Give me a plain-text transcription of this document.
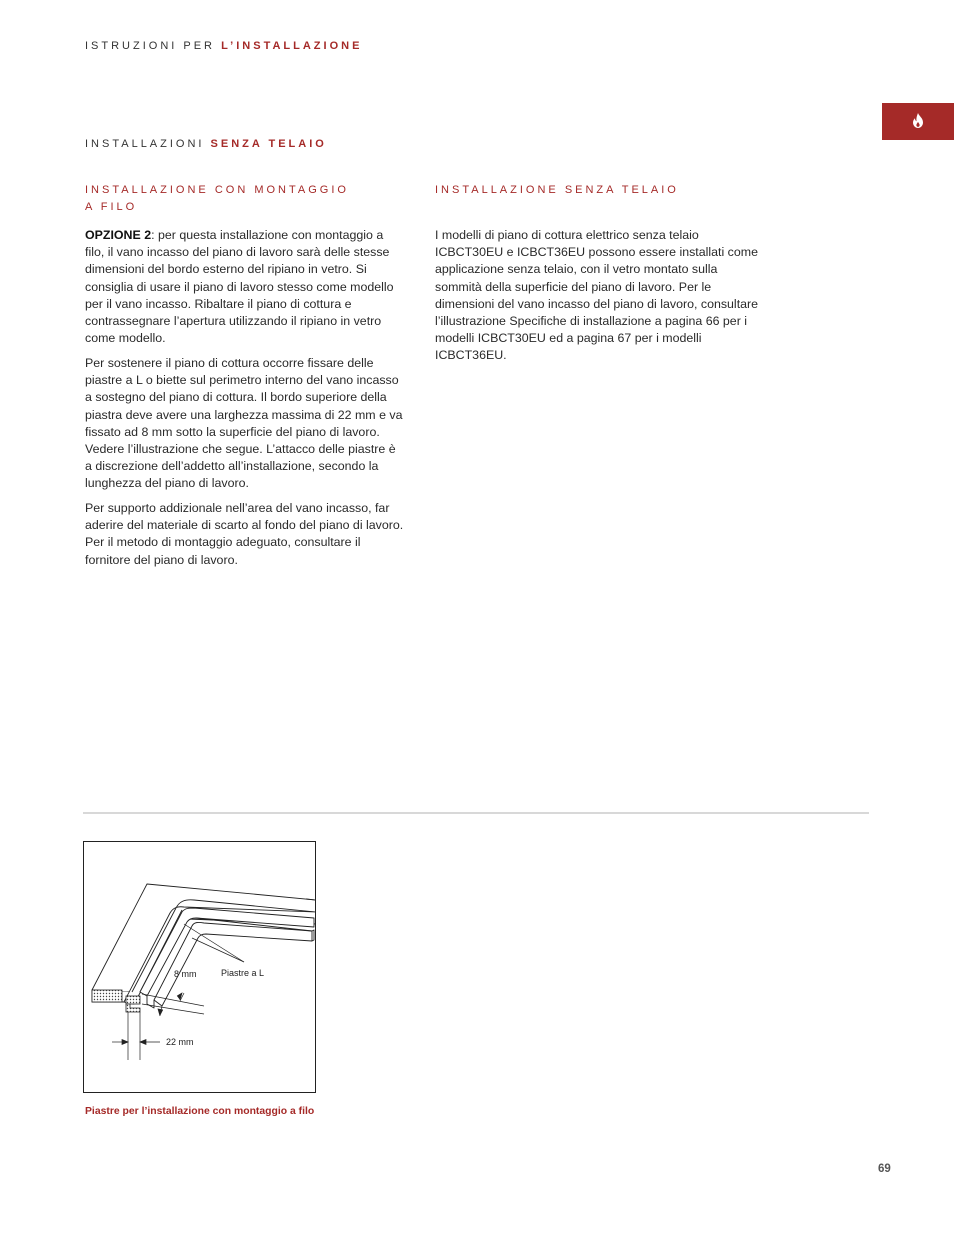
ISTRUZIONI PER L’INSTALLAZIONE
INSTALLAZIONI SENZA TELAIO
INSTALLAZIONE CON MONTAGGIO
A FILO

OPZIONE 2: per questa installazione con montaggio a filo, il vano incasso del piano di lavoro sarà delle stesse dimensioni del bordo esterno del ripiano in vetro. Si consiglia di usare il piano di lavoro stesso come modello per il vano incasso. Ribaltare il piano di cottura e contrassegnare l’apertura utilizzando il ripiano in vetro come modello.

Per sostenere il piano di cottura occorre fissare delle piastre a L o biette sul perimetro interno del vano incasso a sostegno del piano di cottura. Il bordo superiore della piastra deve avere una larghezza massima di 22 mm e va fissato ad 8 mm sotto la superficie del piano di lavoro. Vedere l’illustrazione che segue. L’attacco delle piastre è a discrezione dell’addetto all’installazione, secondo la lunghezza del piano di lavoro.

Per supporto addizionale nell’area del vano incasso, far aderire del materiale di scarto al fondo del piano di lavoro. Per il metodo di montaggio adeguato, consultare il fornitore del piano di lavoro.

INSTALLAZIONE SENZA TELAIO

I modelli di piano di cottura elettrico senza telaio ICBCT30EU e ICBCT36EU possono essere installati come applicazione senza telaio, con il vetro montato sulla sommità della superficie del piano di lavoro. Per le dimensioni del vano incasso del piano di lavoro, consultare l’illustrazione Specifiche di installazione a pagina 66 per i modelli ICBCT30EU ed a pagina 67 per i modelli ICBCT36EU.

8 mm	Piastre a L
22 mm
Piastre per l’installazione con montaggio a filo
69
